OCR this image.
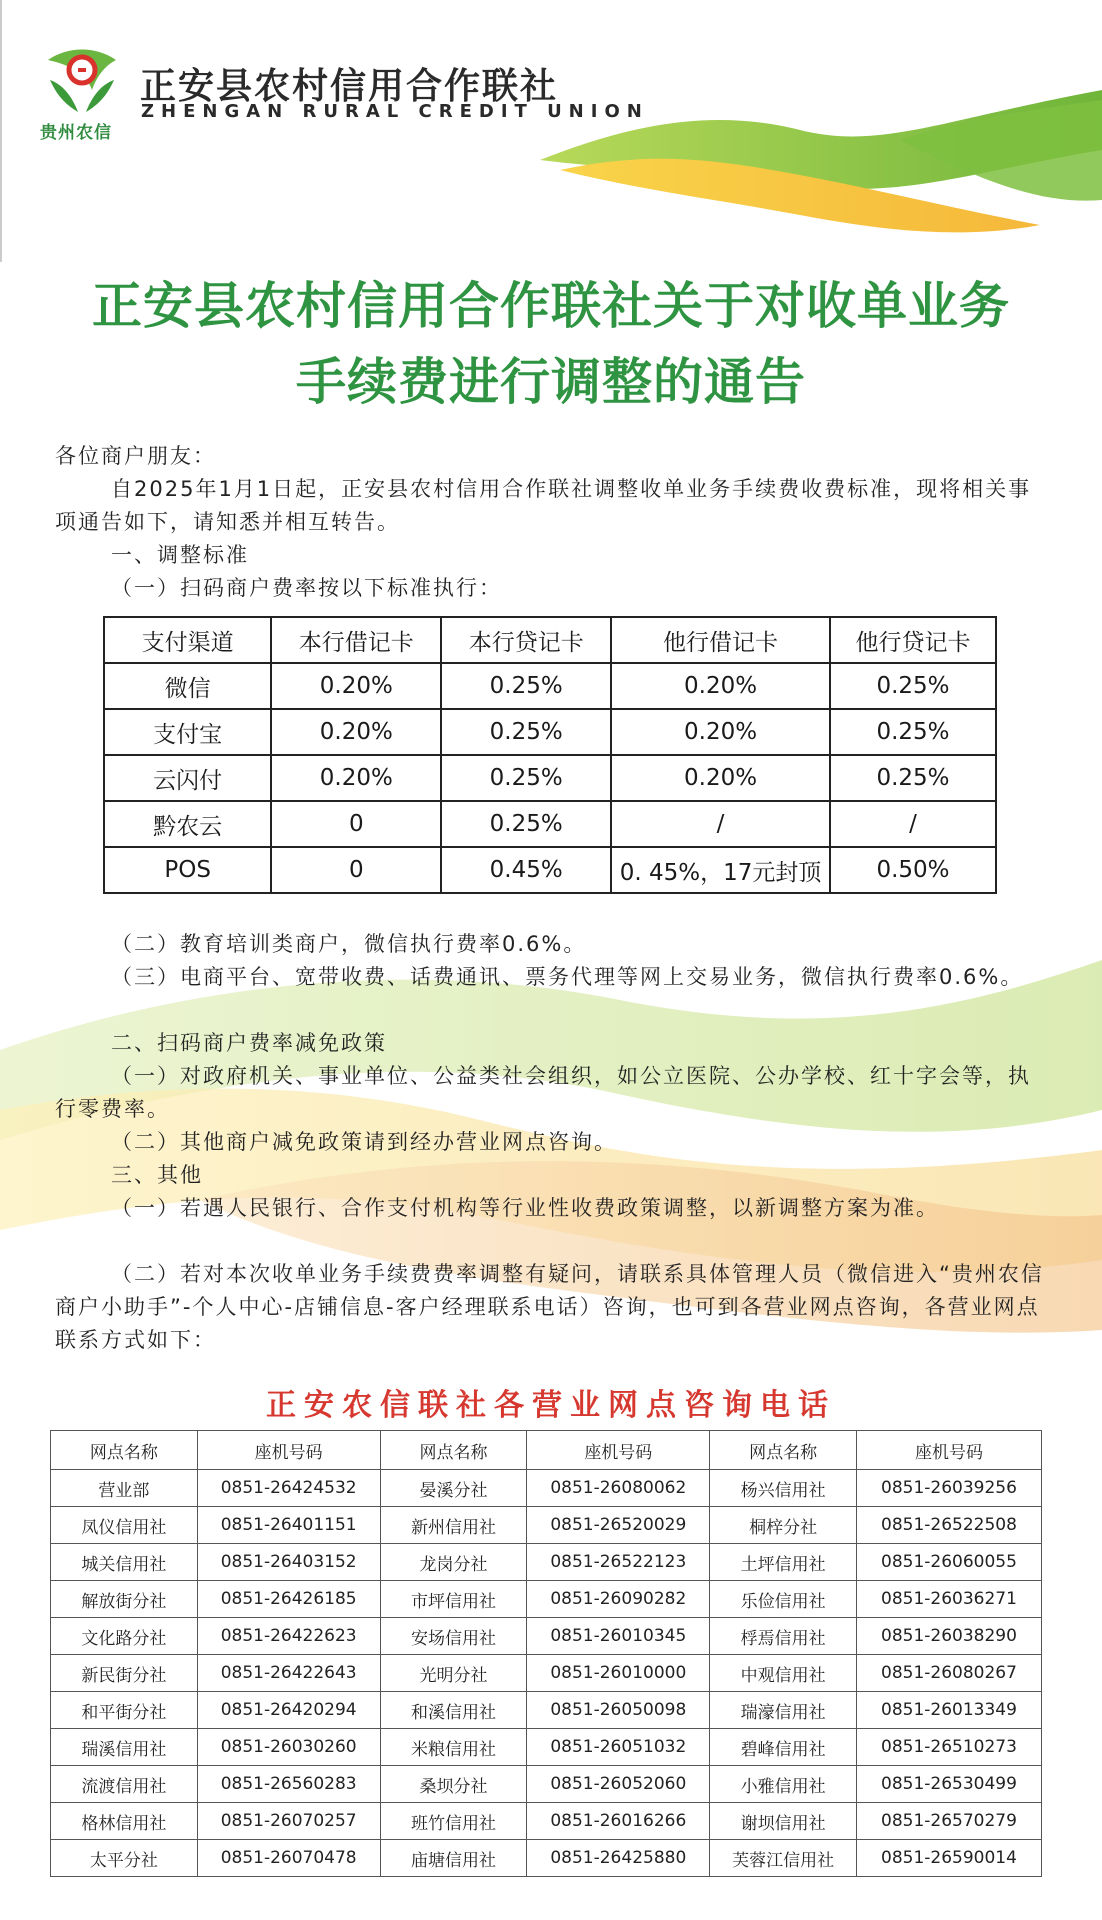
贵州农信
正安县农村信用合作联社
ZHENGAN RURAL CREDIT UNION
正安县农村信用合作联社关于对收单业务
手续费进行调整的通告
各位商户朋友：
自2025年1月1日起，正安县农村信用合作联社调整收单业务手续费收费标准，现将相关事项通告如下，请知悉并相互转告。
一、调整标准
（一）扫码商户费率按以下标准执行：
支付渠道	本行借记卡	本行贷记卡	他行借记卡	他行贷记卡
微信	0.20%	0.25%	0.20%	0.25%
支付宝	0.20%	0.25%	0.20%	0.25%
云闪付	0.20%	0.25%	0.20%	0.25%
黔农云	0	0.25%	/	/
POS	0	0.45%	0. 45%，17元封顶	0.50%
（二）教育培训类商户，微信执行费率0.6%。
（三）电商平台、宽带收费、话费通讯、票务代理等网上交易业务，微信执行费率0.6%。
二、扫码商户费率减免政策
（一）对政府机关、事业单位、公益类社会组织，如公立医院、公办学校、红十字会等，执行零费率。
（二）其他商户减免政策请到经办营业网点咨询。
三、其他
（一）若遇人民银行、合作支付机构等行业性收费政策调整，以新调整方案为准。
（二）若对本次收单业务手续费费率调整有疑问，请联系具体管理人员（微信进入“贵州农信商户小助手”-个人中心-店铺信息-客户经理联系电话）咨询，也可到各营业网点咨询，各营业网点联系方式如下：
正安农信联社各营业网点咨询电话
网点名称	座机号码	网点名称	座机号码	网点名称	座机号码
营业部	0851-26424532	晏溪分社	0851-26080062	杨兴信用社	0851-26039256
凤仪信用社	0851-26401151	新州信用社	0851-26520029	桐梓分社	0851-26522508
城关信用社	0851-26403152	龙岗分社	0851-26522123	土坪信用社	0851-26060055
解放街分社	0851-26426185	市坪信用社	0851-26090282	乐俭信用社	0851-26036271
文化路分社	0851-26422623	安场信用社	0851-26010345	桴焉信用社	0851-26038290
新民街分社	0851-26422643	光明分社	0851-26010000	中观信用社	0851-26080267
和平街分社	0851-26420294	和溪信用社	0851-26050098	瑞濠信用社	0851-26013349
瑞溪信用社	0851-26030260	米粮信用社	0851-26051032	碧峰信用社	0851-26510273
流渡信用社	0851-26560283	桑坝分社	0851-26052060	小雅信用社	0851-26530499
格林信用社	0851-26070257	班竹信用社	0851-26016266	谢坝信用社	0851-26570279
太平分社	0851-26070478	庙塘信用社	0851-26425880	芙蓉江信用社	0851-26590014
